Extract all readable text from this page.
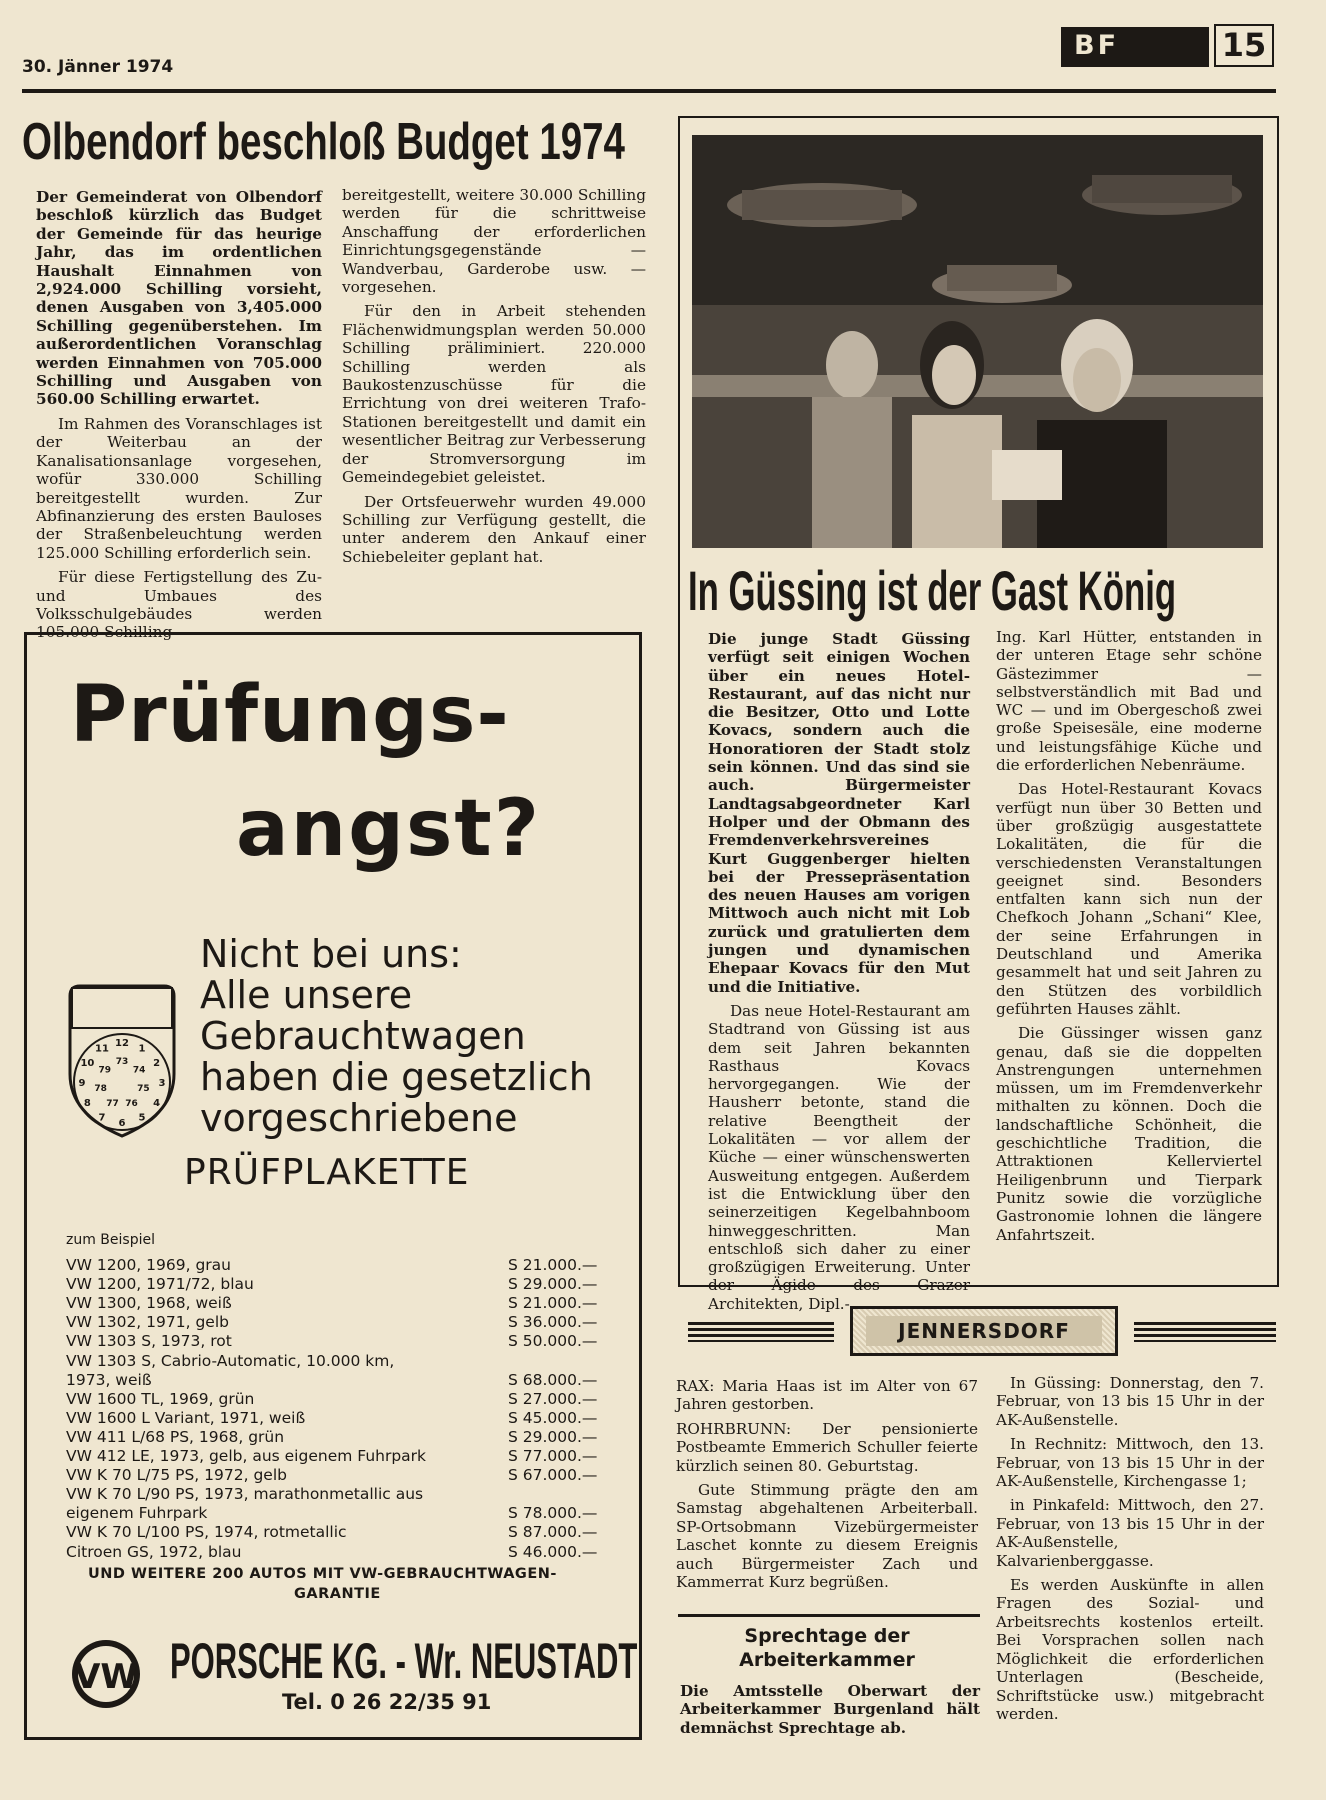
30. Jänner 1974
BF	15
Olbendorf beschloß Budget 1974

Der Gemeinderat von Olbendorf beschloß kürzlich das Budget der Gemeinde für das heurige Jahr, das im ordentlichen Haushalt Einnahmen von 2,924.000 Schilling vorsieht, denen Ausgaben von 3,405.000 Schilling gegenüberstehen. Im außerordentlichen Voranschlag werden Einnahmen von 705.000 Schilling und Ausgaben von 560.00 Schilling erwartet.

Im Rahmen des Voranschlages ist der Weiterbau an der Kanalisationsanlage vorgesehen, wofür 330.000 Schilling bereitgestellt wurden. Zur Abfinanzierung des ersten Bauloses der Straßenbeleuchtung werden 125.000 Schilling erforderlich sein.

Für diese Fertigstellung des Zu- und Umbaues des Volksschulgebäudes werden 105.000 Schilling

bereitgestellt, weitere 30.000 Schilling werden für die schrittweise Anschaffung der erforderlichen Einrichtungsgegenstände — Wandverbau, Garderobe usw. — vorgesehen.

Für den in Arbeit stehenden Flächenwidmungsplan werden 50.000 Schilling präliminiert. 220.000 Schilling werden als Baukostenzuschüsse für die Errichtung von drei weiteren Trafo-Stationen bereitgestellt und damit ein wesentlicher Beitrag zur Verbesserung der Stromversorgung im Gemeindegebiet geleistet.

Der Ortsfeuerwehr wurden 49.000 Schilling zur Verfügung gestellt, die unter anderem den Ankauf einer Schiebeleiter geplant hat.

In Güssing ist der Gast König

Die junge Stadt Güssing verfügt seit einigen Wochen über ein neues Hotel-Restaurant, auf das nicht nur die Besitzer, Otto und Lotte Kovacs, sondern auch die Honoratioren der Stadt stolz sein können. Und das sind sie auch. Bürgermeister Landtagsabgeordneter Karl Holper und der Obmann des Fremdenverkehrsvereines Kurt Guggenberger hielten bei der Pressepräsentation des neuen Hauses am vorigen Mittwoch auch nicht mit Lob zurück und gratulierten dem jungen und dynamischen Ehepaar Kovacs für den Mut und die Initiative.

Das neue Hotel-Restaurant am Stadtrand von Güssing ist aus dem seit Jahren bekannten Rasthaus Kovacs hervorgegangen. Wie der Hausherr betonte, stand die relative Beengtheit der Lokalitäten — vor allem der Küche — einer wünschenswerten Ausweitung entgegen. Außerdem ist die Entwicklung über den seinerzeitigen Kegelbahnboom hinweggeschritten. Man entschloß sich daher zu einer großzügigen Erweiterung. Unter der Ägide des Grazer Architekten, Dipl.-

Ing. Karl Hütter, entstanden in der unteren Etage sehr schöne Gästezimmer — selbstverständlich mit Bad und WC — und im Obergeschoß zwei große Speisesäle, eine moderne und leistungsfähige Küche und die erforderlichen Nebenräume.

Das Hotel-Restaurant Kovacs verfügt nun über 30 Betten und über großzügig ausgestattete Lokalitäten, die für die verschiedensten Veranstaltungen geeignet sind. Besonders entfalten kann sich nun der Chefkoch Johann „Schani“ Klee, der seine Erfahrungen in Deutschland und Amerika gesammelt hat und seit Jahren zu den Stützen des vorbildlich geführten Hauses zählt.

Die Güssinger wissen ganz genau, daß sie die doppelten Anstrengungen unternehmen müssen, um im Fremdenverkehr mithalten zu können. Doch die landschaftliche Schönheit, die geschichtliche Tradition, die Attraktionen Kellerviertel Heiligenbrunn und Tierpark Punitz sowie die vorzügliche Gastronomie lohnen die längere Anfahrtszeit.

Prüfungs-
angst?
Nicht bei uns:
Alle unsere
Gebrauchtwagen
haben die gesetzlich
vorgeschriebene
PRÜFPLAKETTE
12 1
2
3
4
5
6
7
8
9
10
11
73
74
75
76
77
78
79
zum Beispiel
VW 1200, 1969, grau	S 21.000.—
VW 1200, 1971/72, blau	S 29.000.—
VW 1300, 1968, weiß	S 21.000.—
VW 1302, 1971, gelb	S 36.000.—
VW 1303 S, 1973, rot	S 50.000.—
VW 1303 S, Cabrio-Automatic, 10.000 km,
1973, weiß	S 68.000.—
VW 1600 TL, 1969, grün	S 27.000.—
VW 1600 L Variant, 1971, weiß	S 45.000.—
VW 411 L/68 PS, 1968, grün	S 29.000.—
VW 412 LE, 1973, gelb, aus eigenem Fuhrpark	S 77.000.—
VW K 70 L/75 PS, 1972, gelb	S 67.000.—
VW K 70 L/90 PS, 1973, marathonmetallic aus
eigenem Fuhrpark	S 78.000.—
VW K 70 L/100 PS, 1974, rotmetallic	S 87.000.—
Citroen GS, 1972, blau	S 46.000.—
UND WEITERE 200 AUTOS MIT VW-GEBRAUCHTWAGEN-
GARANTIE
VW PORSCHE KG. - Wr. NEUSTADT
Tel. 0 26 22/35 91
JENNERSDORF

RAX: Maria Haas ist im Alter von 67 Jahren gestorben.

ROHRBRUNN: Der pensionierte Postbeamte Emmerich Schuller feierte kürzlich seinen 80. Geburtstag.

Gute Stimmung prägte den am Samstag abgehaltenen Arbeiterball. SP-Ortsobmann Vizebürgermeister Laschet konnte zu diesem Ereignis auch Bürgermeister Zach und Kammerrat Kurz begrüßen.

Sprechtage der
Arbeiterkammer
Die Amtsstelle Oberwart der Arbeiterkammer Burgenland hält demnächst Sprechtage ab.

In Güssing: Donnerstag, den 7. Februar, von 13 bis 15 Uhr in der AK-Außenstelle.

In Rechnitz: Mittwoch, den 13. Februar, von 13 bis 15 Uhr in der AK-Außenstelle, Kirchengasse 1;

in Pinkafeld: Mittwoch, den 27. Februar, von 13 bis 15 Uhr in der AK-Außenstelle, Kalvarienberggasse.

Es werden Auskünfte in allen Fragen des Sozial- und Arbeitsrechts kostenlos erteilt. Bei Vorsprachen sollen nach Möglichkeit die erforderlichen Unterlagen (Bescheide, Schriftstücke usw.) mitgebracht werden.
